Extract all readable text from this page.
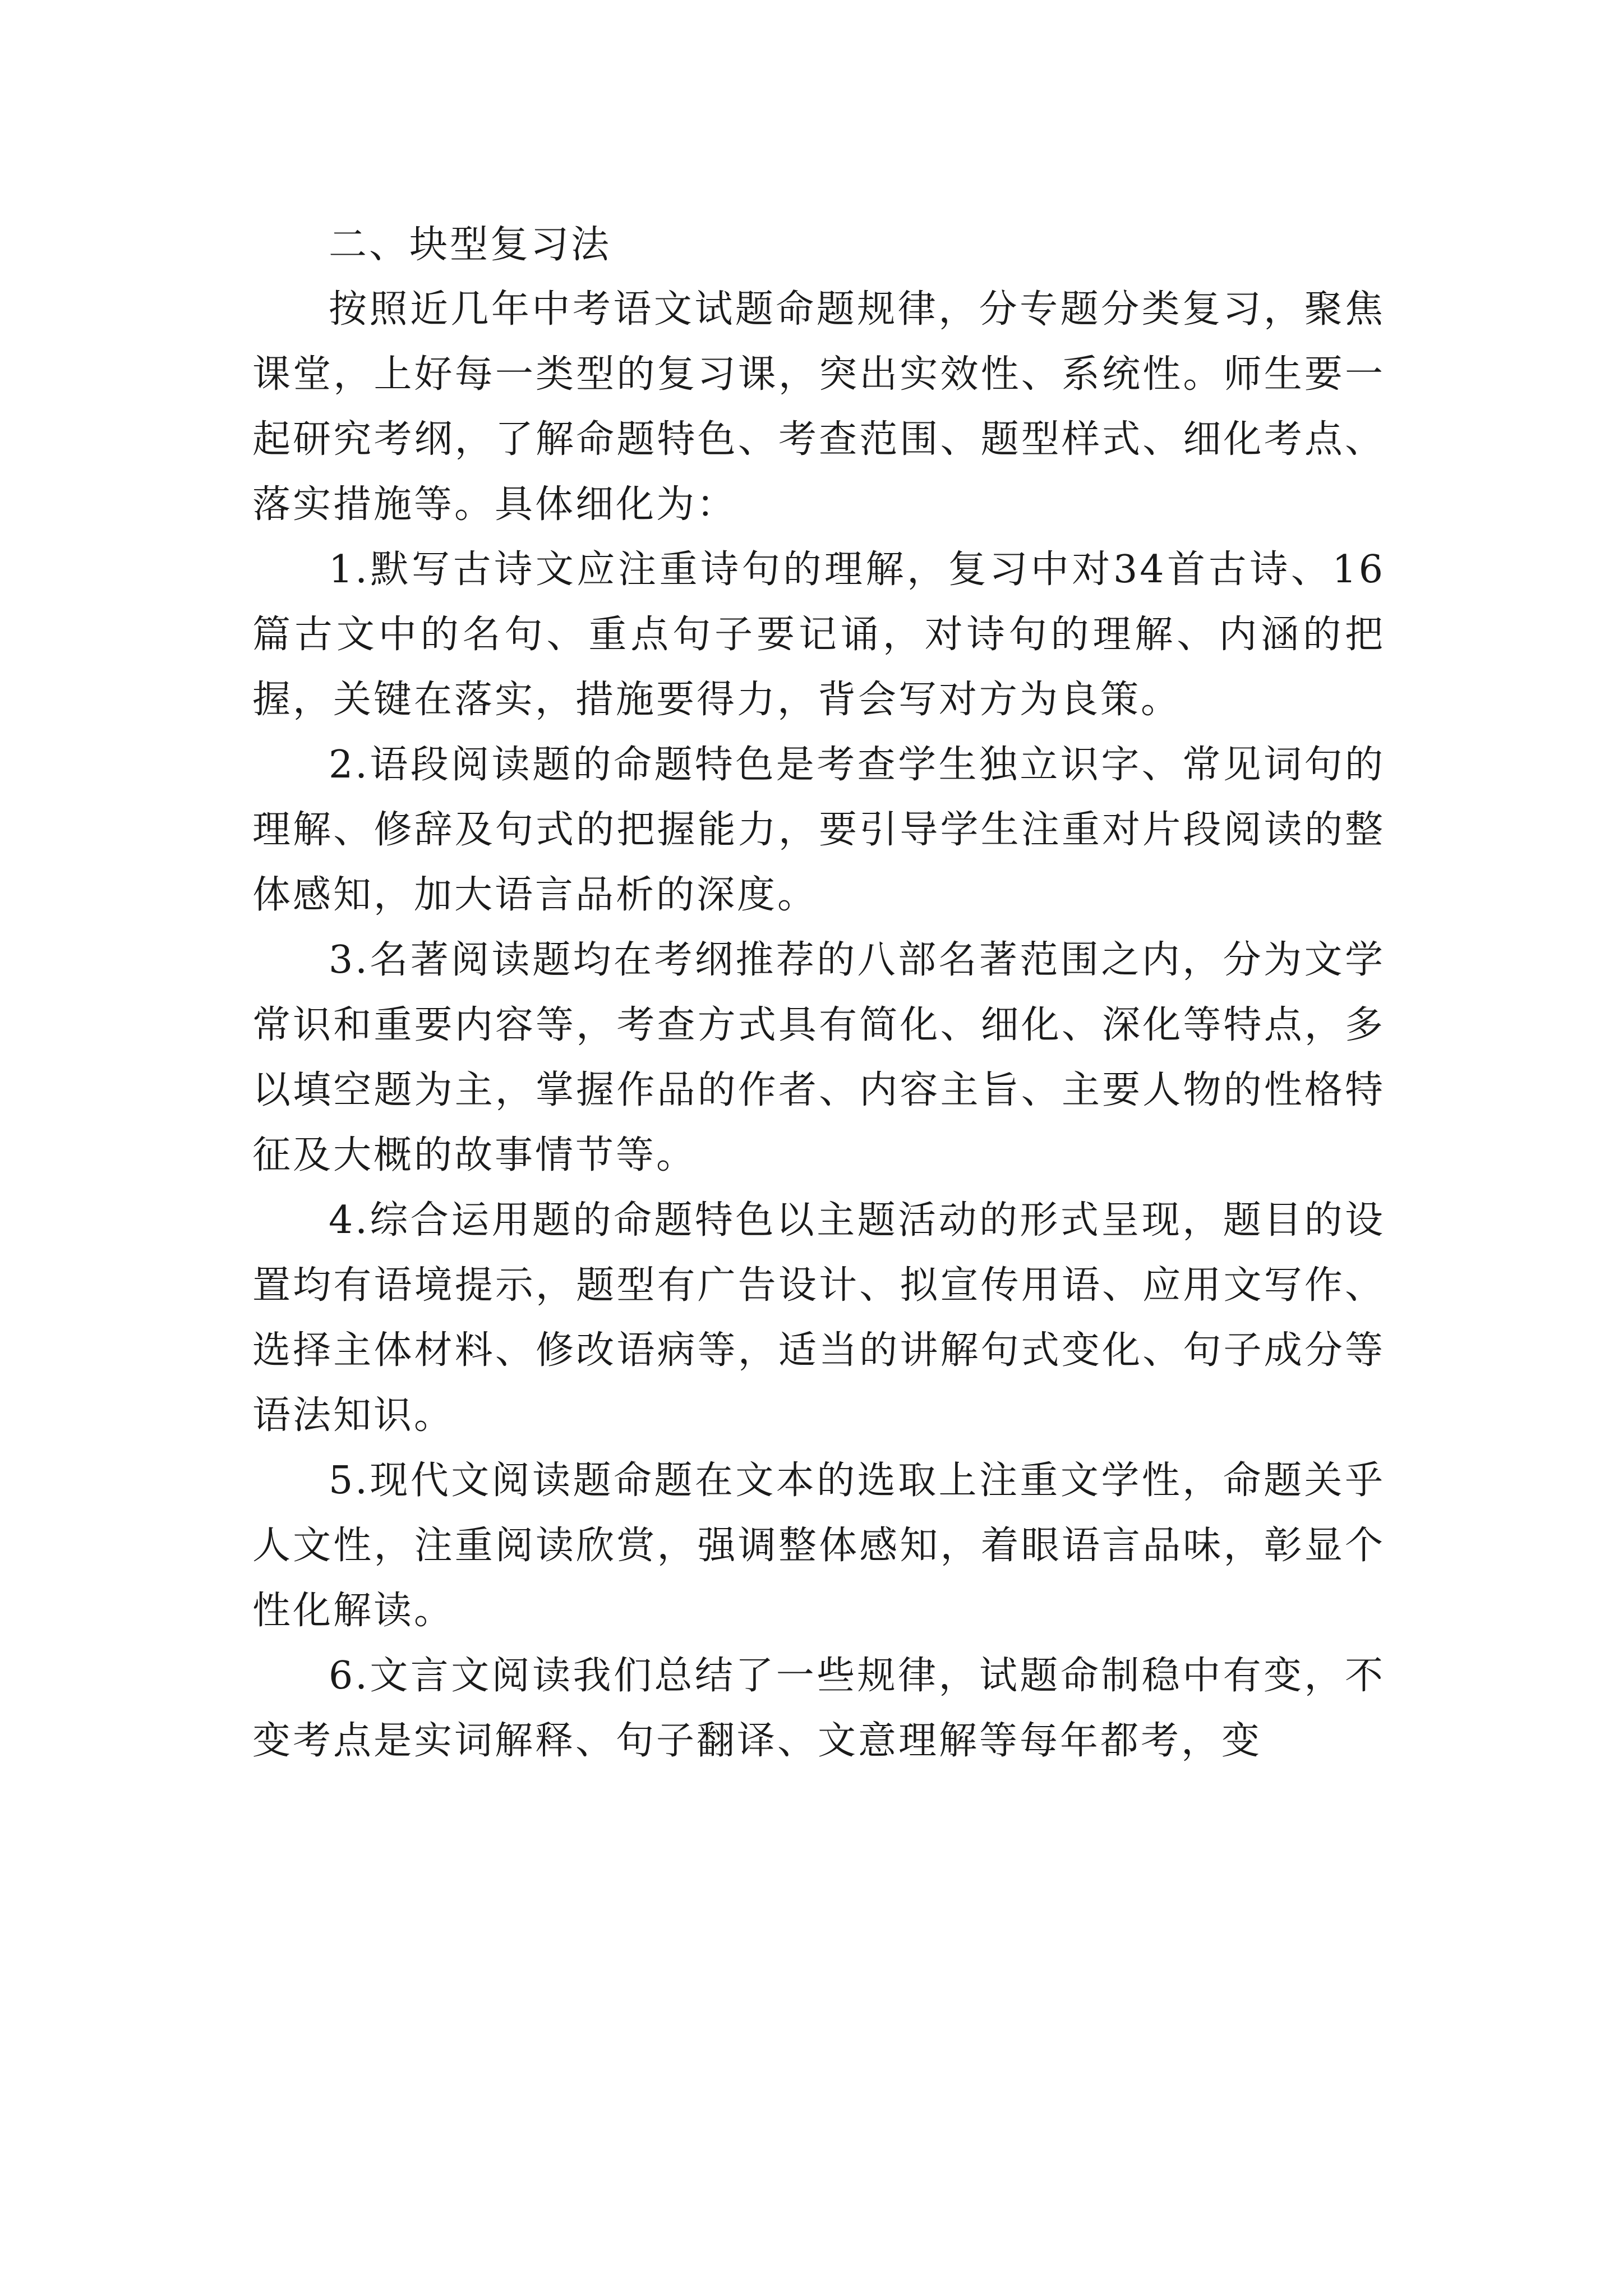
二、块型复习法

按照近几年中考语文试题命题规律，分专题分类复习，聚焦课堂，上好每一类型的复习课，突出实效性、系统性。师生要一起研究考纲，了解命题特色、考查范围、题型样式、细化考点、落实措施等。具体细化为：

1.默写古诗文应注重诗句的理解，复习中对34首古诗、16篇古文中的名句、重点句子要记诵，对诗句的理解、内涵的把握，关键在落实，措施要得力，背会写对方为良策。

2.语段阅读题的命题特色是考查学生独立识字、常见词句的理解、修辞及句式的把握能力，要引导学生注重对片段阅读的整体感知，加大语言品析的深度。

3.名著阅读题均在考纲推荐的八部名著范围之内，分为文学常识和重要内容等，考查方式具有简化、细化、深化等特点，多以填空题为主，掌握作品的作者、内容主旨、主要人物的性格特征及大概的故事情节等。

4.综合运用题的命题特色以主题活动的形式呈现，题目的设置均有语境提示，题型有广告设计、拟宣传用语、应用文写作、选择主体材料、修改语病等，适当的讲解句式变化、句子成分等语法知识。

5.现代文阅读题命题在文本的选取上注重文学性，命题关乎人文性，注重阅读欣赏，强调整体感知，着眼语言品味，彰显个性化解读。

6.文言文阅读我们总结了一些规律，试题命制稳中有变，不变考点是实词解释、句子翻译、文意理解等每年都考，变
